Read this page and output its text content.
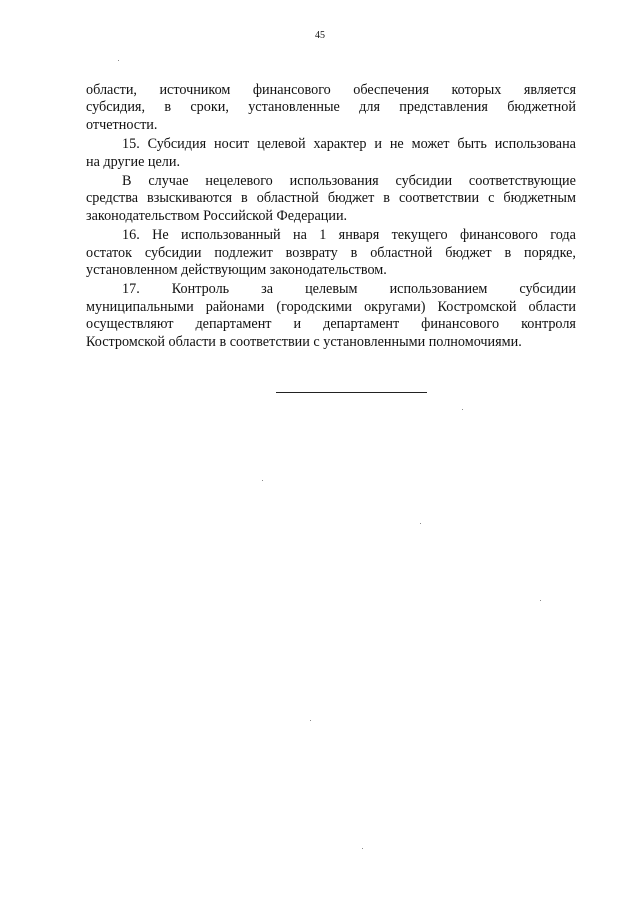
45
области, источником финансового обеспечения которых является
субсидия, в сроки, установленные для представления бюджетной
отчетности.
15. Субсидия носит целевой характер и не может быть использована
на другие цели.
В случае нецелевого использования субсидии соответствующие
средства взыскиваются в областной бюджет в соответствии с бюджетным
законодательством Российской Федерации.
16. Не использованный на 1 января текущего финансового года
остаток субсидии подлежит возврату в областной бюджет в порядке,
установленном действующим законодательством.
17. Контроль за целевым использованием субсидии
муниципальными районами (городскими округами) Костромской области
осуществляют департамент и департамент финансового контроля
Костромской области в соответствии с установленными полномочиями.
